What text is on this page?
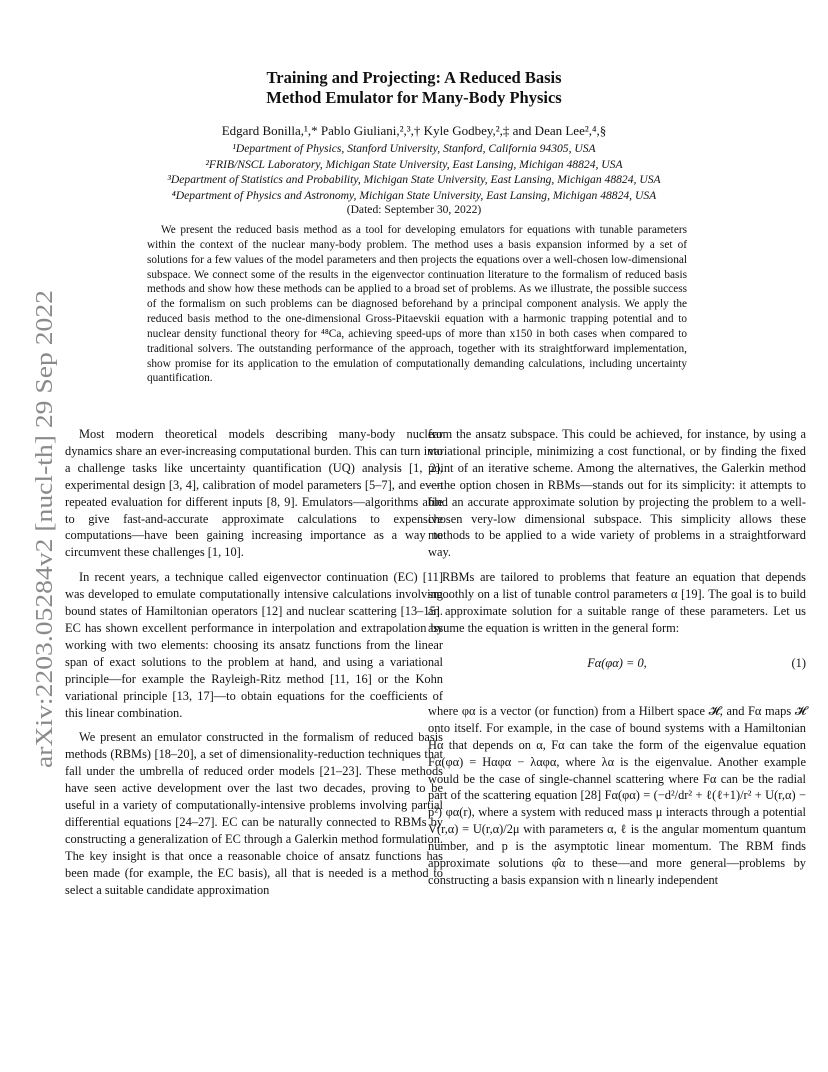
arXiv:2203.05284v2 [nucl-th] 29 Sep 2022
Training and Projecting: A Reduced Basis
Method Emulator for Many-Body Physics
Edgard Bonilla,¹,* Pablo Giuliani,²,³,† Kyle Godbey,²,‡ and Dean Lee²,⁴,§
¹Department of Physics, Stanford University, Stanford, California 94305, USA
²FRIB/NSCL Laboratory, Michigan State University, East Lansing, Michigan 48824, USA
³Department of Statistics and Probability, Michigan State University, East Lansing, Michigan 48824, USA
⁴Department of Physics and Astronomy, Michigan State University, East Lansing, Michigan 48824, USA
(Dated: September 30, 2022)

We present the reduced basis method as a tool for developing emulators for equations with tunable parameters within the context of the nuclear many-body problem. The method uses a basis expansion informed by a set of solutions for a few values of the model parameters and then projects the equations over a well-chosen low-dimensional subspace. We connect some of the results in the eigenvector continuation literature to the formalism of reduced basis methods and show how these methods can be applied to a broad set of problems. As we illustrate, the possible success of the formalism on such problems can be diagnosed beforehand by a principal component analysis. We apply the reduced basis method to the one-dimensional Gross-Pitaevskii equation with a harmonic trapping potential and to nuclear density functional theory for ⁴⁸Ca, achieving speed-ups of more than x150 in both cases when compared to traditional solvers. The outstanding performance of the approach, together with its straightforward implementation, show promise for its application to the emulation of computationally demanding calculations, including uncertainty quantification.

Most modern theoretical models describing many-body nuclear dynamics share an ever-increasing computational burden. This can turn into a challenge tasks like uncertainty quantification (UQ) analysis [1, 2], experimental design [3, 4], calibration of model parameters [5–7], and even repeated evaluation for different inputs [8, 9]. Emulators—algorithms able to give fast-and-accurate approximate calculations to expensive computations—have been gaining increasing importance as a way to circumvent these challenges [1, 10].

In recent years, a technique called eigenvector continuation (EC) [11] was developed to emulate computationally intensive calculations involving bound states of Hamiltonian operators [12] and nuclear scattering [13–15]. EC has shown excellent performance in interpolation and extrapolation by working with two elements: choosing its ansatz functions from the linear span of exact solutions to the problem at hand, and using a variational principle—for example the Rayleigh-Ritz method [11, 16] or the Kohn variational principle [13, 17]—to obtain equations for the coefficients of this linear combination.

We present an emulator constructed in the formalism of reduced basis methods (RBMs) [18–20], a set of dimensionality-reduction techniques that fall under the umbrella of reduced order models [21–23]. These methods have seen active development over the last two decades, proving to be useful in a variety of computationally-intensive problems involving partial differential equations [24–27]. EC can be naturally connected to RBMs by constructing a generalization of EC through a Galerkin method formulation. The key insight is that once a reasonable choice of ansatz functions has been made (for example, the EC basis), all that is needed is a method to select a suitable candidate approximation

from the ansatz subspace. This could be achieved, for instance, by using a variational principle, minimizing a cost functional, or by finding the fixed point of an iterative scheme. Among the alternatives, the Galerkin method—the option chosen in RBMs—stands out for its simplicity: it attempts to find an accurate approximate solution by projecting the problem to a well-chosen very-low dimensional subspace. This simplicity allows these methods to be applied to a wide variety of problems in a straightforward way.

RBMs are tailored to problems that feature an equation that depends smoothly on a list of tunable control parameters α [19]. The goal is to build an approximate solution for a suitable range of these parameters. Let us assume the equation is written in the general form:

Fα(φα) = 0,	(1)

where φα is a vector (or function) from a Hilbert space 𝓗, and Fα maps 𝓗 onto itself. For example, in the case of bound systems with a Hamiltonian Hα that depends on α, Fα can take the form of the eigenvalue equation Fα(φα) = Hαφα − λαφα, where λα is the eigenvalue. Another example would be the case of single-channel scattering where Fα can be the radial part of the scattering equation [28] Fα(φα) = (−d²/dr² + ℓ(ℓ+1)/r² + U(r,α) − p²) φα(r), where a system with reduced mass μ interacts through a potential V(r,α) = U(r,α)/2μ with parameters α, ℓ is the angular momentum quantum number, and p is the asymptotic linear momentum. The RBM finds approximate solutions φ̂α to these—and more general—problems by constructing a basis expansion with n linearly independent
